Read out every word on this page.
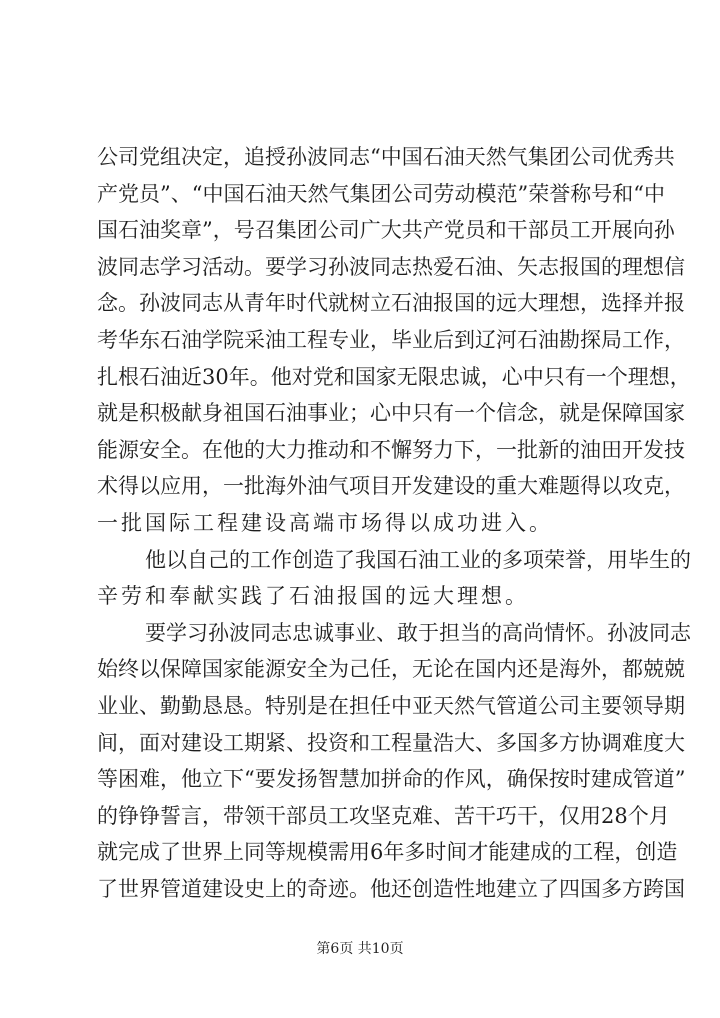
公司党组决定，追授孙波同志“中国石油天然气集团公司优秀共
产党员”、“中国石油天然气集团公司劳动模范”荣誉称号和“中
国石油奖章”，号召集团公司广大共产党员和干部员工开展向孙
波同志学习活动。要学习孙波同志热爱石油、矢志报国的理想信
念。孙波同志从青年时代就树立石油报国的远大理想，选择并报
考华东石油学院采油工程专业，毕业后到辽河石油勘探局工作，
扎根石油近30年。他对党和国家无限忠诚，心中只有一个理想，
就是积极献身祖国石油事业；心中只有一个信念，就是保障国家
能源安全。在他的大力推动和不懈努力下，一批新的油田开发技
术得以应用，一批海外油气项目开发建设的重大难题得以攻克，
一批国际工程建设高端市场得以成功进入。
他以自己的工作创造了我国石油工业的多项荣誉，用毕生的
辛劳和奉献实践了石油报国的远大理想。
要学习孙波同志忠诚事业、敢于担当的高尚情怀。孙波同志
始终以保障国家能源安全为己任，无论在国内还是海外，都兢兢
业业、勤勤恳恳。特别是在担任中亚天然气管道公司主要领导期
间，面对建设工期紧、投资和工程量浩大、多国多方协调难度大
等困难，他立下“要发扬智慧加拼命的作风，确保按时建成管道”
的铮铮誓言，带领干部员工攻坚克难、苦干巧干，仅用28个月
就完成了世界上同等规模需用6年多时间才能建成的工程，创造
了世界管道建设史上的奇迹。他还创造性地建立了四国多方跨国
第6页 共10页
